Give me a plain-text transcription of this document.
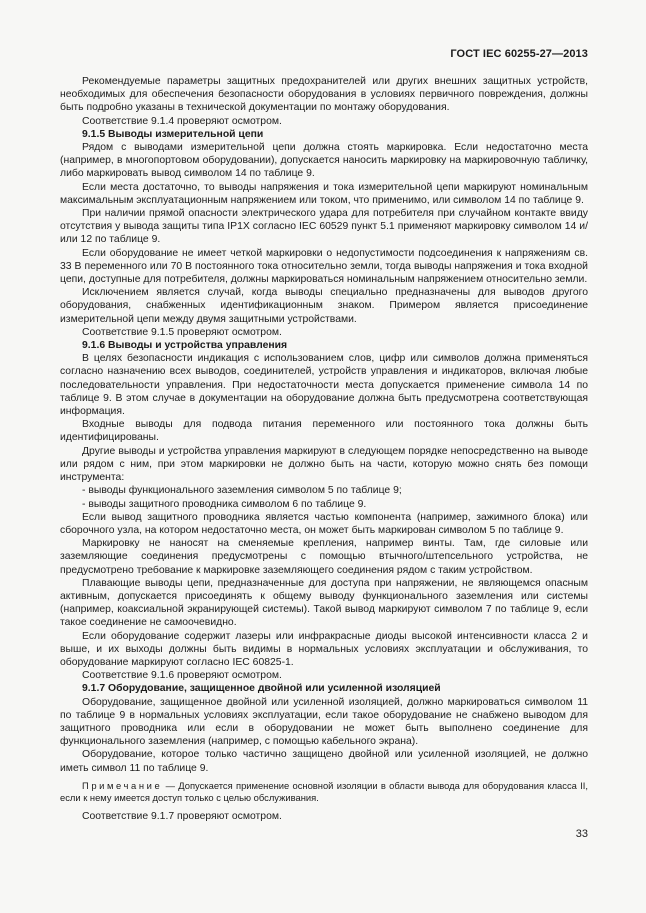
ГОСТ IEC 60255-27—2013

Рекомендуемые параметры защитных предохранителей или других внешних защитных устройств, необходимых для обеспечения безопасности оборудования в условиях первичного повреждения, должны быть подробно указаны в технической документации по монтажу оборудования.

Соответствие 9.1.4 проверяют осмотром.

9.1.5 Выводы измерительной цепи

Рядом с выводами измерительной цепи должна стоять маркировка. Если недостаточно места (например, в многопортовом оборудовании), допускается наносить маркировку на маркировочную табличку, либо маркировать вывод символом 14 по таблице 9.

Если места достаточно, то выводы напряжения и тока измерительной цепи маркируют номинальным максимальным эксплуатационным напряжением или током, что применимо, или символом 14 по таблице 9.

При наличии прямой опасности электрического удара для потребителя при случайном контакте ввиду отсутствия у вывода защиты типа IP1X согласно IEC 60529 пункт 5.1 применяют маркировку символом 14 и/или 12 по таблице 9.

Если оборудование не имеет четкой маркировки о недопустимости подсоединения к напряжениям св. 33 В переменного или 70 В постоянного тока относительно земли, тогда выводы напряжения и тока входной цепи, доступные для потребителя, должны маркироваться номинальным напряжением относительно земли.

Исключением является случай, когда выводы специально предназначены для выводов другого оборудования, снабженных идентификационным знаком. Примером является присоединение измерительной цепи между двумя защитными устройствами.

Соответствие 9.1.5 проверяют осмотром.

9.1.6 Выводы и устройства управления

В целях безопасности индикация с использованием слов, цифр или символов должна применяться согласно назначению всех выводов, соединителей, устройств управления и индикаторов, включая любые последовательности управления. При недостаточности места допускается применение символа 14 по таблице 9. В этом случае в документации на оборудование должна быть предусмотрена соответствующая информация.

Входные выводы для подвода питания переменного или постоянного тока должны быть идентифицированы.

Другие выводы и устройства управления маркируют в следующем порядке непосредственно на выводе или рядом с ним, при этом маркировки не должно быть на части, которую можно снять без помощи инструмента:

- выводы функционального заземления символом 5 по таблице 9;

- выводы защитного проводника символом 6 по таблице 9.

Если вывод защитного проводника является частью компонента (например, зажимного блока) или сборочного узла, на котором недостаточно места, он может быть маркирован символом 5 по таблице 9.

Маркировку не наносят на сменяемые крепления, например винты. Там, где силовые или заземляющие соединения предусмотрены с помощью втычного/штепсельного устройства, не предусмотрено требование к маркировке заземляющего соединения рядом с таким устройством.

Плавающие выводы цепи, предназначенные для доступа при напряжении, не являющемся опасным активным, допускается присоединять к общему выводу функционального заземления или системы (например, коаксиальной экранирующей системы). Такой вывод маркируют символом 7 по таблице 9, если такое соединение не самоочевидно.

Если оборудование содержит лазеры или инфракрасные диоды высокой интенсивности класса 2 и выше, и их выходы должны быть видимы в нормальных условиях эксплуатации и обслуживания, то оборудование маркируют согласно IEC 60825-1.

Соответствие 9.1.6 проверяют осмотром.

9.1.7 Оборудование, защищенное двойной или усиленной изоляцией

Оборудование, защищенное двойной или усиленной изоляцией, должно маркироваться символом 11 по таблице 9 в нормальных условиях эксплуатации, если такое оборудование не снабжено выводом для защитного проводника или если в оборудовании не может быть выполнено соединение для функционального заземления (например, с помощью кабельного экрана).

Оборудование, которое только частично защищено двойной или усиленной изоляцией, не должно иметь символ 11 по таблице 9.

Примечание — Допускается применение основной изоляции в области вывода для оборудования класса II, если к нему имеется доступ только с целью обслуживания.

Соответствие 9.1.7 проверяют осмотром.

33
